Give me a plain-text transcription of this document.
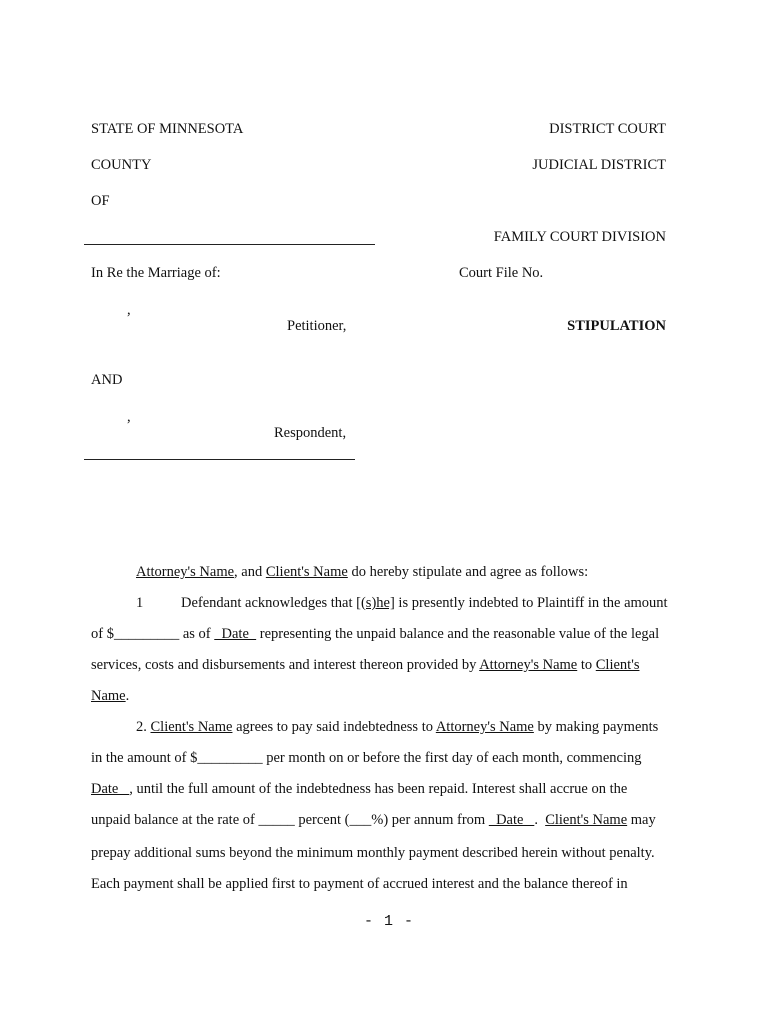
STATE OF MINNESOTA	DISTRICT COURT
COUNTY	JUDICIAL DISTRICT
OF
FAMILY COURT DIVISION
In Re the Marriage of:	Court File No.
,
Petitioner,	STIPULATION
AND
,
Respondent,
Attorney's Name, and Client's Name do hereby stipulate and agree as follows:
1	Defendant acknowledges that [(s)he] is presently indebted to Plaintiff in the amount
of $_________ as of   Date   representing the unpaid balance and the reasonable value of the legal
services, costs and disbursements and interest thereon provided by Attorney's Name to Client's
Name.
2. Client's Name agrees to pay said indebtedness to Attorney's Name by making payments
in the amount of $_________ per month on or before the first day of each month, commencing
Date   , until the full amount of the indebtedness has been repaid. Interest shall accrue on the
unpaid balance at the rate of _____ percent (___%) per annum from   Date   .  Client's Name may
prepay additional sums beyond the minimum monthly payment described herein without penalty.
Each payment shall be applied first to payment of accrued interest and the balance thereof in
- 1 -
